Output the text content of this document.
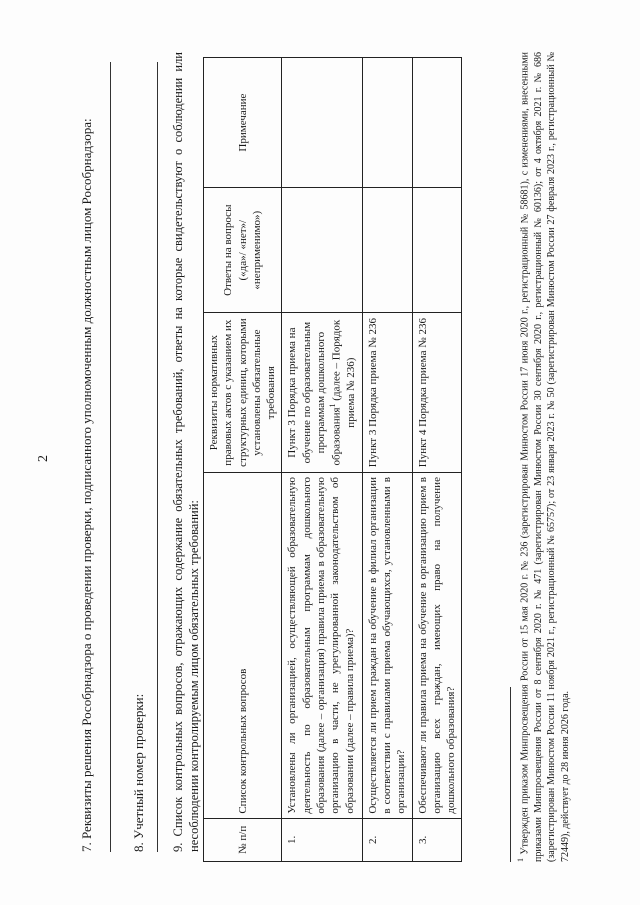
2 7. Реквизиты решения Рособрнадзора о проведении проверки, подписанного уполномоченным должностным лицом Рособрнадзора:	8. Учетный номер проверки: 9. Список контрольных вопросов, отражающих содержание обязательных требований, ответы на которые свидетельствуют о соблюдении или несоблюдении контролируемым лицом обязательных требований:	№ п/п	Список контрольных вопросов	Реквизиты нормативных правовых актов с указанием их структурных единиц, которыми установлены обязательные требования	Ответы на вопросы («да»/ «нет»/ «неприменимо»)	Примечание
1.	Установлены ли организацией, осуществляющей образовательную деятельность по образовательным программам дошкольного образования (далее – организация) правила приема в образовательную организацию в части, не урегулированной законодательством об образовании (далее – правила приема)?	Пункт 3 Порядка приема на обучение по образовательным программам дошкольного образования$^1$ (далее – Порядок приема № 236)		
2.	Осуществляется ли прием граждан на обучение в филиал организации в соответствии с правилами приема обучающихся, установленными в организации?	Пункт 3 Порядка приема № 236		
3.	Обеспечивают ли правила приема на обучение в организацию прием в организацию всех граждан, имеющих право на получение дошкольного образования?	Пункт 4 Порядка приема № 236		
$^1$ Утвержден приказом Минпросвещения России от 15 мая 2020 г. № 236 (зарегистрирован Минюстом России 17 июня 2020 г., регистрационный № 58681), с изменениями, внесенными приказами Минпросвещения России от 8 сентября 2020 г. № 471 (зарегистрирован Минюстом России 30 сентября 2020 г., регистрационный № 60136); от 4 октября 2021 г. № 686 (зарегистрирован Минюстом России 11 ноября 2021 г., регистрационный № 65757); от 23 января 2023 г. № 50 (зарегистрирован Минюстом России 27 февраля 2023 г., регистрационный № 72449), действует до 28 июня 2026 года.
